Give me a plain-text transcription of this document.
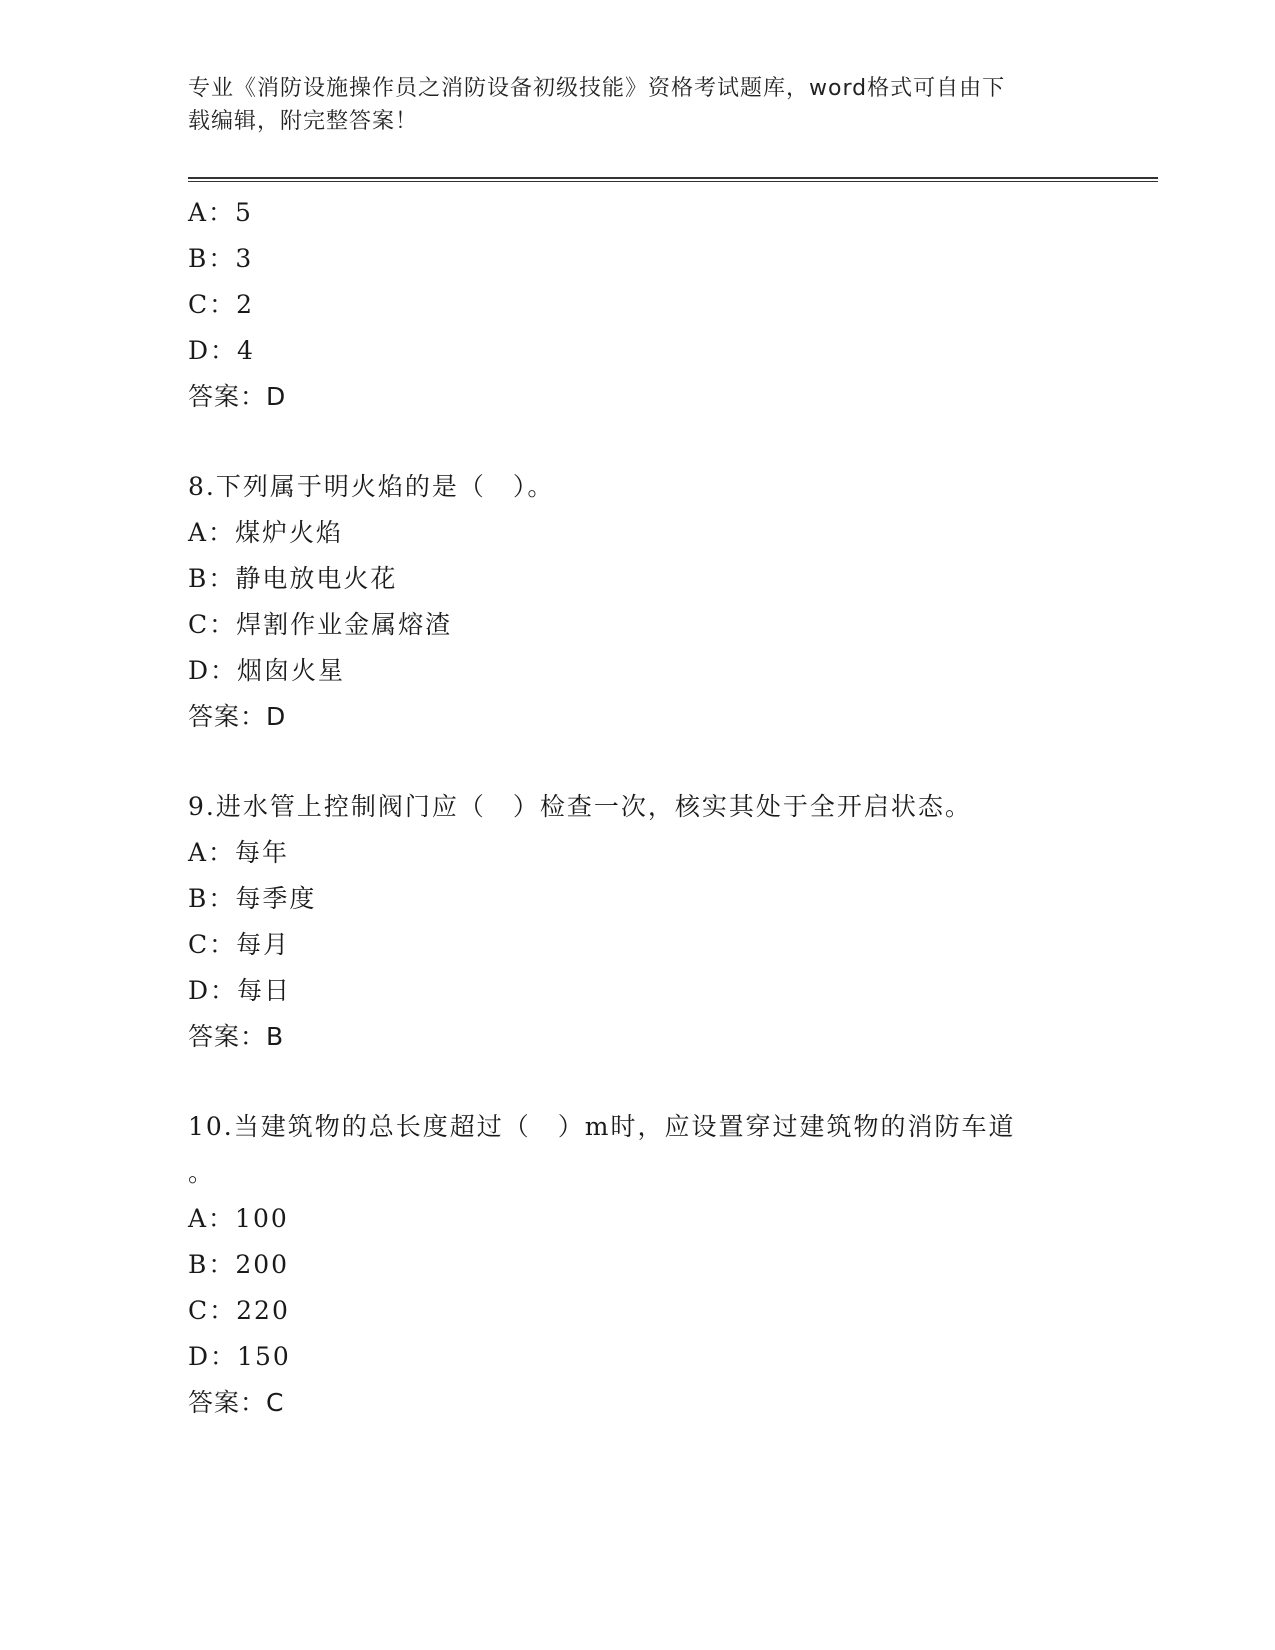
专业《消防设施操作员之消防设备初级技能》资格考试题库，word格式可自由下
载编辑，附完整答案！
A：5
B：3
C：2
D：4
答案：D
8.下列属于明火焰的是（　）。
A：煤炉火焰
B：静电放电火花
C：焊割作业金属熔渣
D：烟囱火星
答案：D
9.进水管上控制阀门应（　）检查一次，核实其处于全开启状态。
A：每年
B：每季度
C：每月
D：每日
答案：B
10.当建筑物的总长度超过（　）m时，应设置穿过建筑物的消防车道
。
A：100
B：200
C：220
D：150
答案：C
